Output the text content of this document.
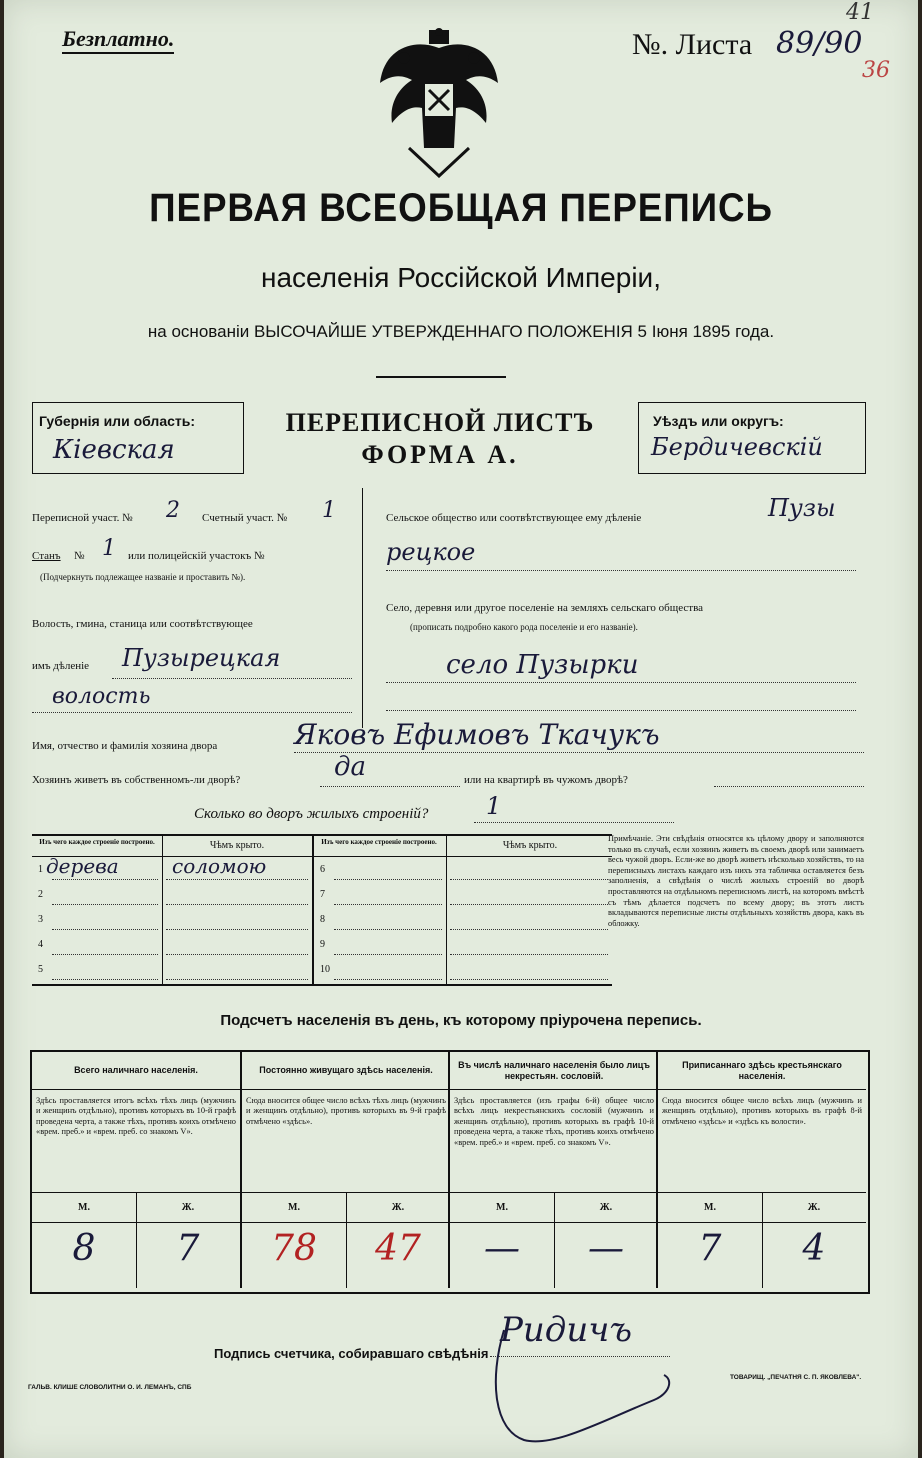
Безплатно.	№. Листа 89/90
41
36
ПЕРВАЯ ВСЕОБЩАЯ ПЕРЕПИСЬ
населенія Россійской Имперіи,
на основаніи ВЫСОЧАЙШЕ УТВЕРЖДЕННАГО ПОЛОЖЕНІЯ 5 Іюня 1895 года.
Губернія или область:
Кіевская
ПЕРЕПИСНОЙ ЛИСТЪ
ФОРМА А.
Уѣздъ или округъ:
Бердичевскій
Переписной участ. № 2 Счетный участ. № 1
Станъ № 1 или полицейскій участокъ №
(Подчеркнуть подлежащее названіе и проставить №).
Волость, гмина, станица или соотвѣтствующее
имъ дѣленіе Пузырецкая
волость
Сельское общество или соотвѣтствующее ему дѣленіе	Пузы
рецкое
Село, деревня или другое поселеніе на земляхъ сельскаго общества
(прописать подробно какого рода поселеніе и его названіе).
село Пузырки
Имя, отчество и фамилія хозяина двора	Яковъ Ефимовъ Ткачукъ
Хозяинъ живетъ въ собственномъ-ли дворѣ?	да	или на квартирѣ въ чужомъ дворѣ?
Сколько во дворъ жилыхъ строеній? 1
Изъ чего каждое строеніе построено.	Чѣмъ крыто.	Изъ чего каждое строеніе построено.	Чѣмъ крыто.
1 дерева	соломою
2
3
4
5
6
7
8
9
10
Примѣчаніе. Эти свѣдѣнія относятся къ цѣлому двору и заполняются только въ случаѣ, если хозяинъ живетъ въ своемъ дворѣ или занимаетъ весь чужой дворъ. Если-же во дворѣ живетъ нѣсколько хозяйствъ, то на переписныхъ листахъ каждаго изъ нихъ эта табличка оставляется безъ заполненія, а свѣдѣнія о числѣ жилыхъ строеній во дворѣ проставляются на отдѣльномъ переписномъ листѣ, на которомъ вмѣстѣ съ тѣмъ дѣлается подсчетъ по всему двору; въ этотъ листъ вкладываются переписные листы отдѣльныхъ хозяйствъ двора, какъ въ обложку.
Подсчетъ населенія въ день, къ которому пріурочена перепись.
Всего наличнаго населенія.
Здѣсь проставляется итогъ всѣхъ тѣхъ лицъ (мужчинъ и женщинъ отдѣльно), противъ которыхъ въ 10-й графѣ проведена черта, а также тѣхъ, противъ коихъ отмѣчено «врем. преб.» и «врем. преб. со знакомъ V».
М.	Ж.
8	7
Постоянно живущаго здѣсь населенія.
Сюда вносится общее число всѣхъ тѣхъ лицъ (мужчинъ и женщинъ отдѣльно), противъ которыхъ въ 9-й графѣ отмѣчено «здѣсь».
М.	Ж.
78	47
Въ числѣ наличнаго населенія было лицъ некрестьян. сословій.
Здѣсь проставляется (изъ графы 6-й) общее число всѣхъ лицъ некрестьянскихъ сословій (мужчинъ и женщинъ отдѣльно), противъ которыхъ въ графѣ 10-й проведена черта, а также тѣхъ, противъ коихъ отмѣчено «врем. преб.» и «врем. преб. со знакомъ V».
М.	Ж.
—	—
Приписаннаго здѣсь крестьянскаго населенія.
Сюда вносится общее число всѣхъ лицъ (мужчинъ и женщинъ отдѣльно), противъ которыхъ въ графѣ 8-й отмѣчено «здѣсь» и «здѣсь къ волости».
М.	Ж.
7	4
Подпись счетчика, собиравшаго свѣдѣнія
Ридичъ
ГАЛЬВ. КЛИШЕ СЛОВОЛИТНИ О. И. ЛЕМАНЪ, СПБ
ТОВАРИЩ. „ПЕЧАТНЯ С. П. ЯКОВЛЕВА".
